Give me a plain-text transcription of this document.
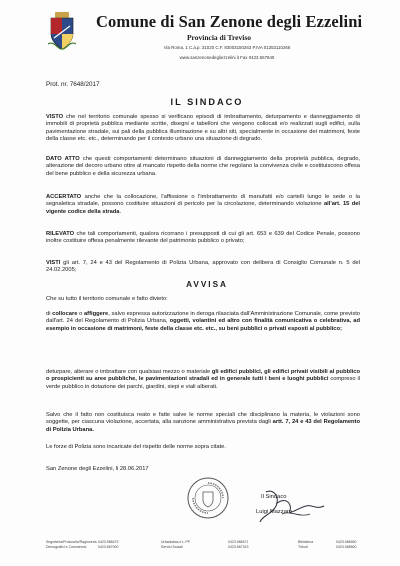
Comune di San Zenone degli Ezzelini
Provincia di Treviso
Via Roma, 1 C.a.p. 31020 C.F. 83003150263 P.IVA 01353110266
www.sanzenonedegliezzelini.it Fax 0423.567840
Prot. nr. 7648/2017
IL SINDACO

VISTO che nel territorio comunale spesso si verificano episodi di imbrattamento, deturpamento e danneggiamento di immobili di proprietà pubblica mediante scritte, disegni e tabelloni che vengono collocati e/o realizzati sugli edifici, sulla pavimentazione stradale, sui pali della pubblica illuminazione e su altri siti, specialmente in occasione dei matrimoni, feste della classe etc. etc., determinando per il contesto urbano una situazione di degrado.

DATO ATTO che questi comportamenti determinano situazioni di danneggiamento della proprietà pubblica, degrado, alterazione del decoro urbano ottre al mancato rispetto della norme che regolano la convivenza civile e costituiscono offesa del bene pubblico e della sicurezza urbana.

ACCERTATO anche che la collocazione, l'affissione o l'imbrattamento di manufatti e/o cartelli lungo le sede o la segnaletica stradale, possono costituire situazioni di pericolo per la circolazione, determinando violazione all'art. 15 del vigente codice della strada.

RILEVATO che tali comportamenti, qualora ricorrano i presupposti di cui gli art. 653 e 639 del Codice Penale, possono inoltre costituire offesa penalmente rilevante del patrimonio pubblico o privato;

VISTI gli art. 7, 24 e 43 del Regolamento di Polizia Urbana, approvato con delibera di Consiglio Comunale n. 5 del 24.02.2005;

AVVISA
Che su tutto il territorio comunale e fatto divieto:

di collocare o affiggere, salvo espressa autorizzazione in deroga rilasciata dall'Amministrazione Comunale, come previsto dall'art. 24 del Regolamento di Polizia Urbana, oggetti, volantini ed altro con finalità comunicativa o celebrativa, ad esempio in occasione di matrimoni, feste della classe etc. etc., su beni pubblici o privati esposti al pubblico;

deturpare, alterare o imbrattare con qualsiasi mezzo o materiale gli edifici pubblici, gli edifici privati visibili al pubblico o prospicienti su aree pubbliche, le pavimentazioni stradali ed in generale tutti i beni e luoghi pubblici compreso il verde pubblico in dotazione dei parchi, giardini, siepi e viali alberati.

Salvo che il fatto non costituisca reato e fatte salve le norme speciali che disciplinano la materia, le violazioni sono soggette, per ciascuna violazione, accertata, alla sanzione amministrativa prevista dagli artt. 7, 24 e 43 del Regolamento di Polizia Urbana.

Le forze di Polizia sono incaricate del rispetto delle norme sopra citate.
San Zenone degli Ezzelini, li 28.06.2017
Il Sindaco
Luigi Mazzaro
Segreteria/Protocollo/Ragioneria
Demografici e Commercio
0423.968479
0423.567000
Urbanistica e L.PP.
Servizi Sociali
0423.968471
0423.567313
Biblioteca
Tributi
0423.968450
0423.968500
